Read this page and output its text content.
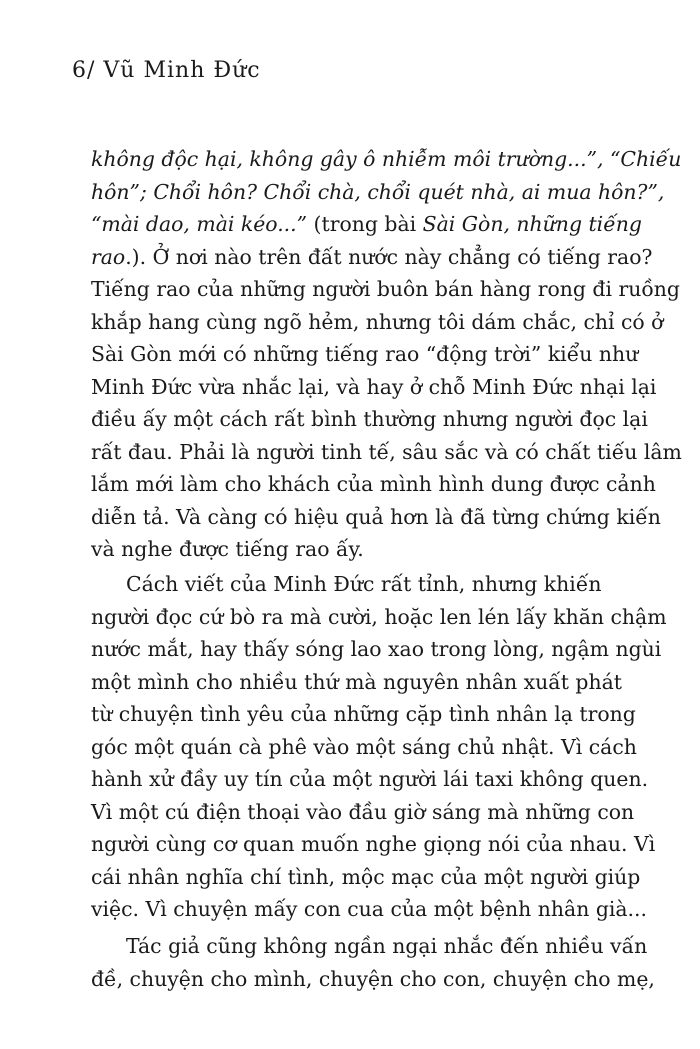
6/ Vũ Minh Đức
không độc hại, không gây ô nhiễm môi trường...”, “Chiếu
hôn”; Chổi hôn? Chổi chà, chổi quét nhà, ai mua hôn?”,
“mài dao, mài kéo...” (trong bài Sài Gòn, những tiếng
rao.). Ở nơi nào trên đất nước này chẳng có tiếng rao?
Tiếng rao của những người buôn bán hàng rong đi ruồng
khắp hang cùng ngõ hẻm, nhưng tôi dám chắc, chỉ có ở
Sài Gòn mới có những tiếng rao “động trời” kiểu như
Minh Đức vừa nhắc lại, và hay ở chỗ Minh Đức nhại lại
điều ấy một cách rất bình thường nhưng người đọc lại
rất đau. Phải là người tinh tế, sâu sắc và có chất tiếu lâm
lắm mới làm cho khách của mình hình dung được cảnh
diễn tả. Và càng có hiệu quả hơn là đã từng chứng kiến
và nghe được tiếng rao ấy.
Cách viết của Minh Đức rất tỉnh, nhưng khiến
người đọc cứ bò ra mà cười, hoặc len lén lấy khăn chậm
nước mắt, hay thấy sóng lao xao trong lòng, ngậm ngùi
một mình cho nhiều thứ mà nguyên nhân xuất phát
từ chuyện tình yêu của những cặp tình nhân lạ trong
góc một quán cà phê vào một sáng chủ nhật. Vì cách
hành xử đầy uy tín của một người lái taxi không quen.
Vì một cú điện thoại vào đầu giờ sáng mà những con
người cùng cơ quan muốn nghe giọng nói của nhau. Vì
cái nhân nghĩa chí tình, mộc mạc của một người giúp
việc. Vì chuyện mấy con cua của một bệnh nhân già...
Tác giả cũng không ngần ngại nhắc đến nhiều vấn
đề, chuyện cho mình, chuyện cho con, chuyện cho mẹ,
